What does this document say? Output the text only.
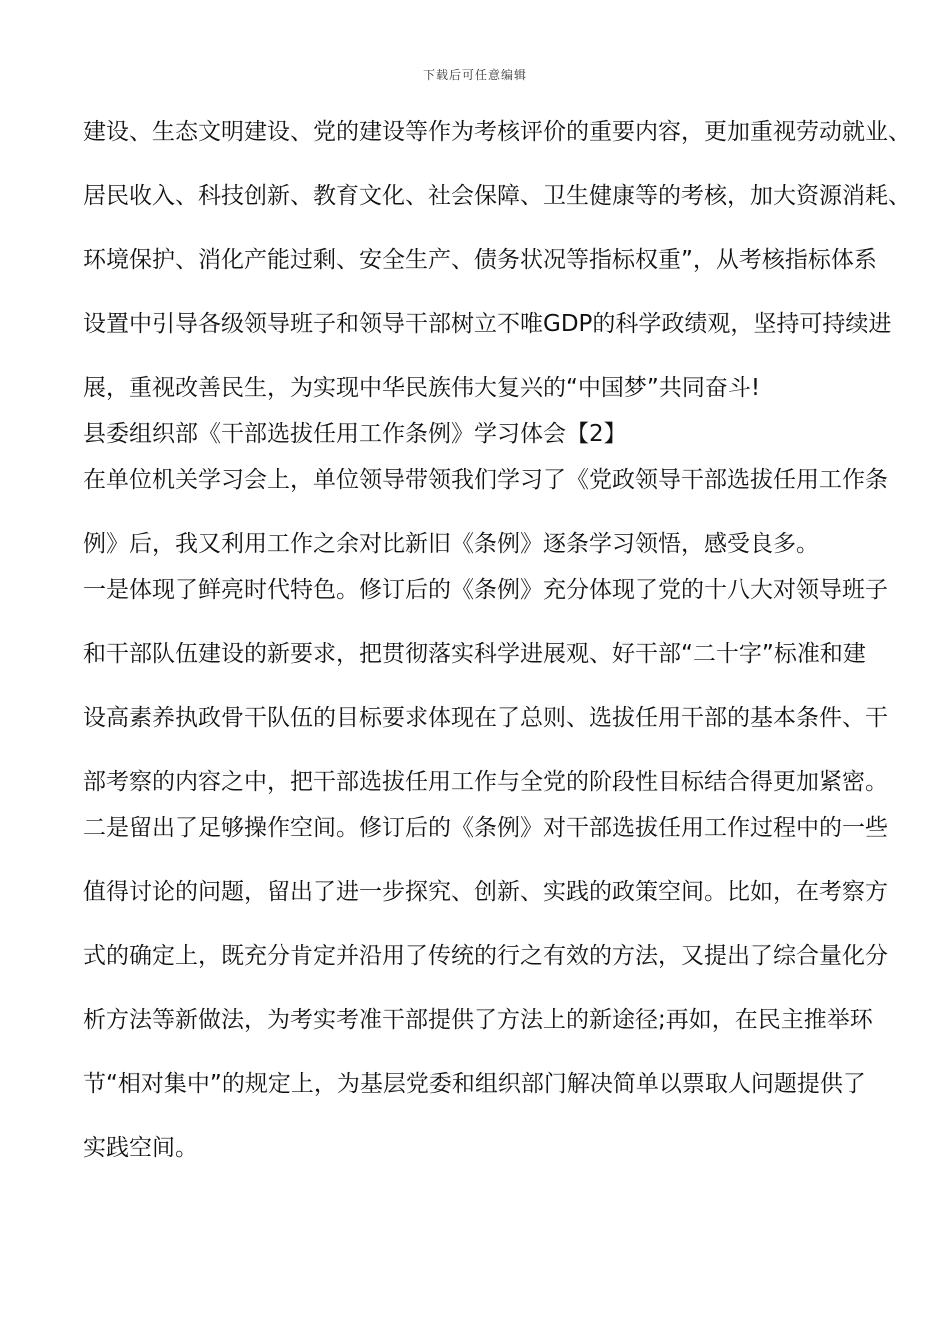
下载后可任意编辑
建设、生态文明建设、党的建设等作为考核评价的重要内容，更加重视劳动就业、
居民收入、科技创新、教育文化、社会保障、卫生健康等的考核，加大资源消耗、
环境保护、消化产能过剩、安全生产、债务状况等指标权重”，从考核指标体系
设置中引导各级领导班子和领导干部树立不唯GDP的科学政绩观，坚持可持续进
展，重视改善民生，为实现中华民族伟大复兴的“中国梦”共同奋斗!
县委组织部《干部选拔任用工作条例》学习体会【2】
在单位机关学习会上，单位领导带领我们学习了《党政领导干部选拔任用工作条
例》后，我又利用工作之余对比新旧《条例》逐条学习领悟，感受良多。
一是体现了鲜亮时代特色。修订后的《条例》充分体现了党的十八大对领导班子
和干部队伍建设的新要求，把贯彻落实科学进展观、好干部“二十字”标准和建
设高素养执政骨干队伍的目标要求体现在了总则、选拔任用干部的基本条件、干
部考察的内容之中，把干部选拔任用工作与全党的阶段性目标结合得更加紧密。
二是留出了足够操作空间。修订后的《条例》对干部选拔任用工作过程中的一些
值得讨论的问题，留出了进一步探究、创新、实践的政策空间。比如，在考察方
式的确定上，既充分肯定并沿用了传统的行之有效的方法，又提出了综合量化分
析方法等新做法，为考实考准干部提供了方法上的新途径;再如，在民主推举环
节“相对集中”的规定上，为基层党委和组织部门解决简单以票取人问题提供了
实践空间。
